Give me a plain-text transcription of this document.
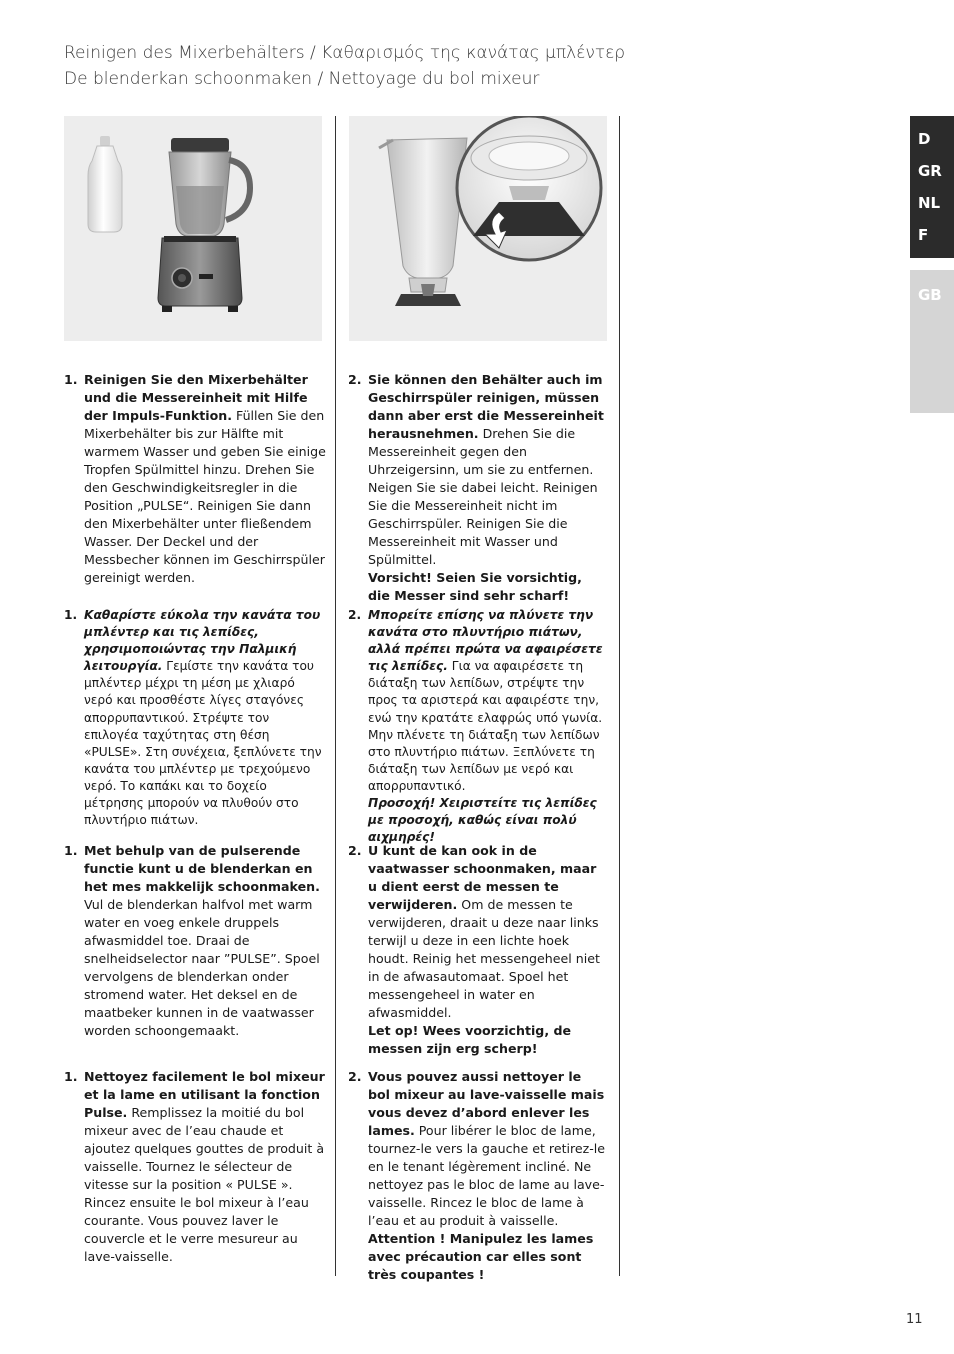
Reinigen des Mixerbehälters / Καθαρισμός της κανάτας μπλέντερ
De blenderkan schoonmaken / Nettoyage du bol mixeur
D
GR
NL
F
GB
1. Reinigen Sie den Mixerbehälter und die Messereinheit mit Hilfe der Impuls-Funktion. Füllen Sie den Mixerbehälter bis zur Hälfte mit warmem Wasser und geben Sie einige Tropfen Spülmittel hinzu. Drehen Sie den Geschwindigkeitsregler in die Position „PULSE“. Reinigen Sie dann den Mixerbehälter unter fließendem Wasser. Der Deckel und der Messbecher können im Geschirrspüler gereinigt werden.
2. Sie können den Behälter auch im Geschirrspüler reinigen, müssen dann aber erst die Messereinheit herausnehmen. Drehen Sie die Messereinheit gegen den Uhrzeigersinn, um sie zu entfernen. Neigen Sie sie dabei leicht. Reinigen Sie die Messereinheit nicht im Geschirrspüler. Reinigen Sie die Messereinheit mit Wasser und Spülmittel.
Vorsicht! Seien Sie vorsichtig, die Messer sind sehr scharf!
1. Καθαρίστε εύκολα την κανάτα του μπλέντερ και τις λεπίδες, χρησιμοποιώντας την Παλμική λειτουργία. Γεμίστε την κανάτα του μπλέντερ μέχρι τη μέση με χλιαρό νερό και προσθέστε λίγες σταγόνες απορρυπαντικού. Στρέψτε τον επιλογέα ταχύτητας στη θέση «PULSE». Στη συνέχεια, ξεπλύνετε την κανάτα του μπλέντερ με τρεχούμενο νερό. Το καπάκι και το δοχείο μέτρησης μπορούν να πλυθούν στο πλυντήριο πιάτων.
2. Μπορείτε επίσης να πλύνετε την κανάτα στο πλυντήριο πιάτων, αλλά πρέπει πρώτα να αφαιρέσετε τις λεπίδες. Για να αφαιρέσετε τη διάταξη των λεπίδων, στρέψτε την προς τα αριστερά και αφαιρέστε την, ενώ την κρατάτε ελαφρώς υπό γωνία. Μην πλένετε τη διάταξη των λεπίδων στο πλυντήριο πιάτων. Ξεπλύνετε τη διάταξη των λεπίδων με νερό και απορρυπαντικό.
Προσοχή! Χειριστείτε τις λεπίδες με προσοχή, καθώς είναι πολύ αιχμηρές!
1. Met behulp van de pulserende functie kunt u de blenderkan en het mes makkelijk schoonmaken. Vul de blenderkan halfvol met warm water en voeg enkele druppels afwasmiddel toe. Draai de snelheidselector naar ”PULSE”. Spoel vervolgens de blenderkan onder stromend water. Het deksel en de maatbeker kunnen in de vaatwasser worden schoongemaakt.
2. U kunt de kan ook in de vaatwasser schoonmaken, maar u dient eerst de messen te verwijderen. Om de messen te verwijderen, draait u deze naar links terwijl u deze in een lichte hoek houdt. Reinig het messengeheel niet in de afwasautomaat. Spoel het messengeheel in water en afwasmiddel.
Let op! Wees voorzichtig, de messen zijn erg scherp!
1. Nettoyez facilement le bol mixeur et la lame en utilisant la fonction Pulse. Remplissez la moitié du bol mixeur avec de l’eau chaude et ajoutez quelques gouttes de produit à vaisselle. Tournez le sélecteur de vitesse sur la position « PULSE ». Rincez ensuite le bol mixeur à l’eau courante. Vous pouvez laver le couvercle et le verre mesureur au lave-vaisselle.
2. Vous pouvez aussi nettoyer le bol mixeur au lave-vaisselle mais vous devez d’abord enlever les lames. Pour libérer le bloc de lame, tournez-le vers la gauche et retirez-le en le tenant légèrement incliné. Ne nettoyez pas le bloc de lame au lave-vaisselle. Rincez le bloc de lame à l’eau et au produit à vaisselle.
Attention ! Manipulez les lames avec précaution car elles sont très coupantes !
11
